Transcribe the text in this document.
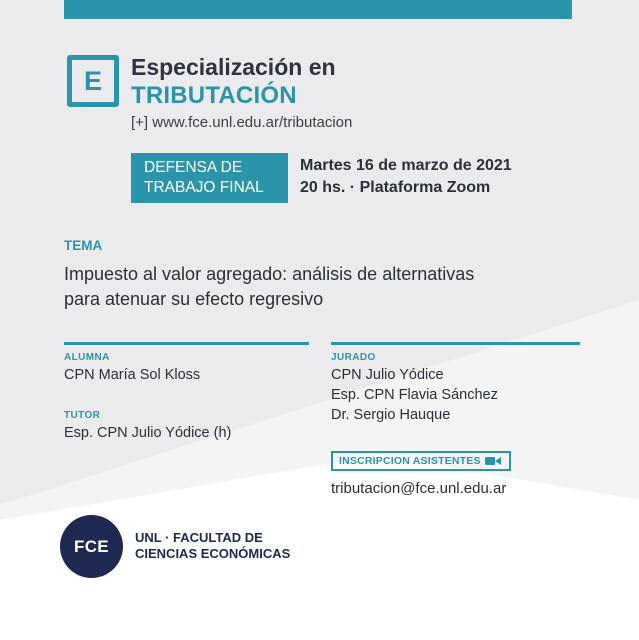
E Especialización en
TRIBUTACIÓN
[+] www.fce.unl.edu.ar/tributacion
DEFENSA DE
TRABAJO FINAL
Martes 16 de marzo de 2021
20 hs. · Plataforma Zoom
TEMA
Impuesto al valor agregado: análisis de alternativas
para atenuar su efecto regresivo
ALUMNA
CPN María Sol Kloss
TUTOR
Esp. CPN Julio Yódice (h)
JURADO
CPN Julio Yódice
Esp. CPN Flavia Sánchez
Dr. Sergio Hauque
INSCRIPCION ASISTENTES
tributacion@fce.unl.edu.ar
FCE UNL · FACULTAD DE
CIENCIAS ECONÓMICAS
